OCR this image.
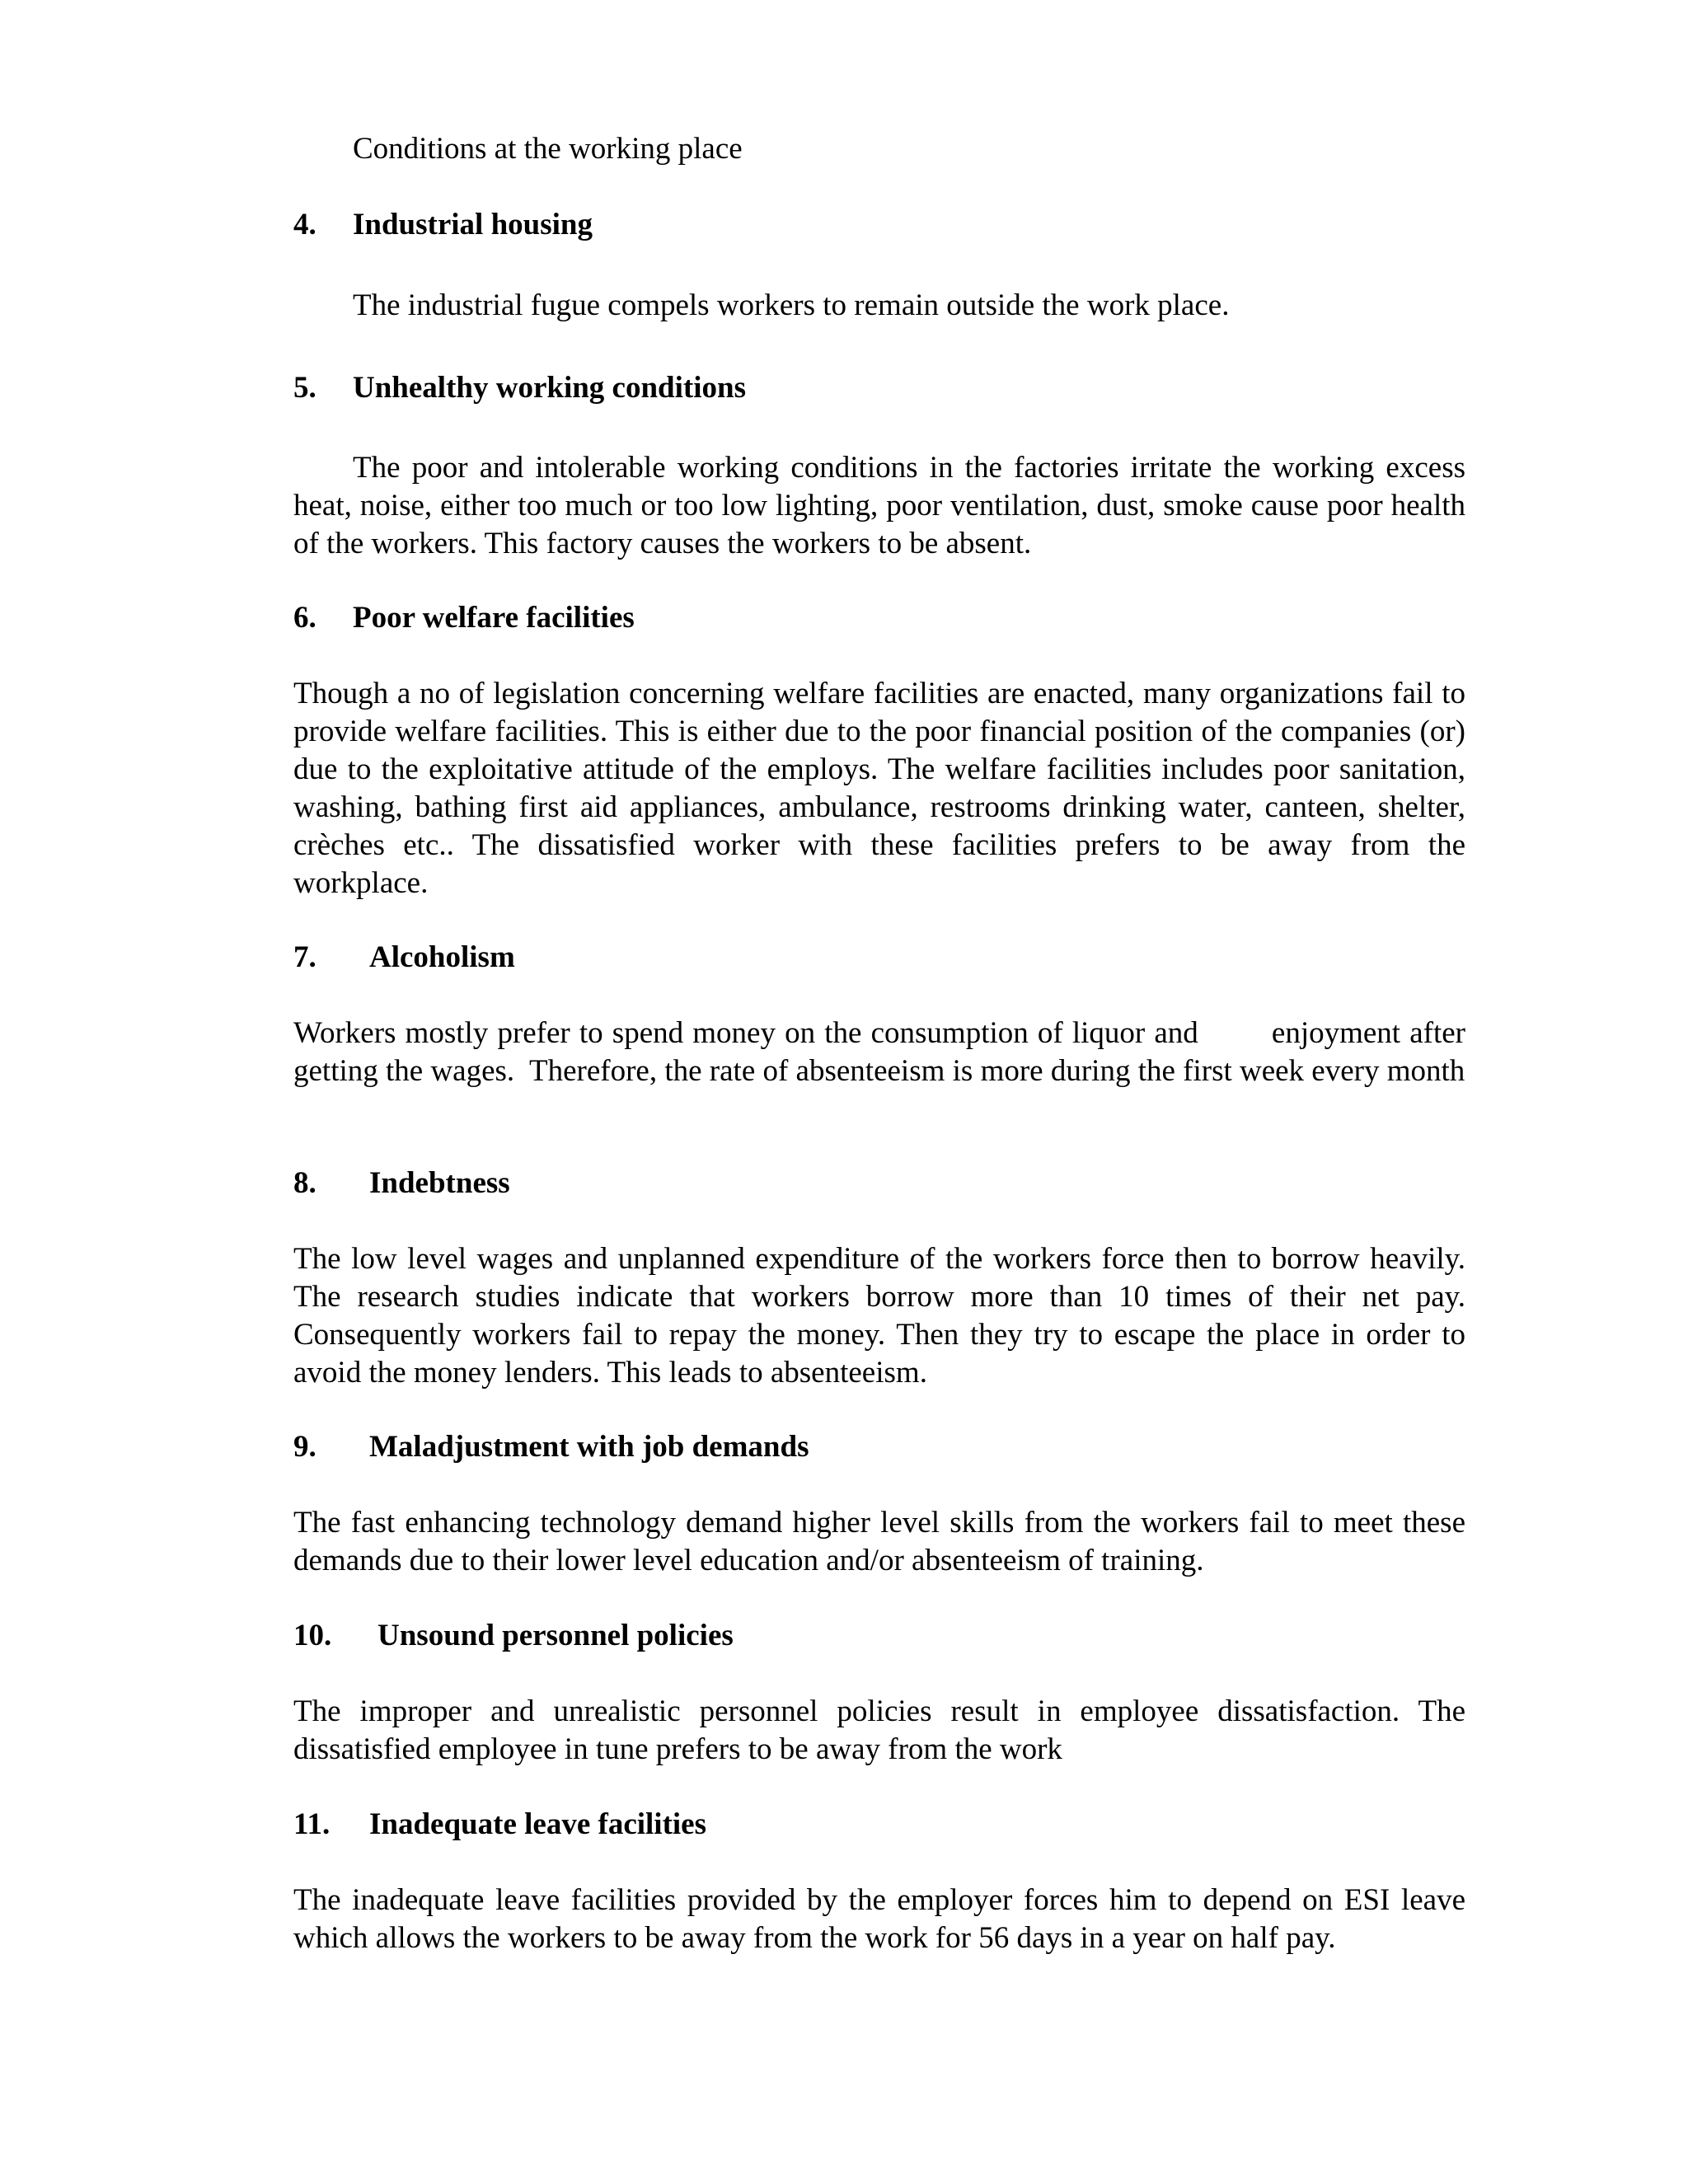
Conditions at the working place
4. Industrial housing
The industrial fugue compels workers to remain outside the work place.
5. Unhealthy working conditions
The poor and intolerable working conditions in the factories irritate the working excess heat, noise, either too much or too low lighting, poor ventilation, dust, smoke cause poor health of the workers. This factory causes the workers to be absent.
6. Poor welfare facilities
Though a no of legislation concerning welfare facilities are enacted, many organizations fail to provide welfare facilities. This is either due to the poor financial position of the companies (or) due to the exploitative attitude of the employs. The welfare facilities includes poor sanitation, washing, bathing first aid appliances, ambulance, restrooms drinking water, canteen, shelter, crèches etc.. The dissatisfied worker with these facilities prefers to be away from the workplace.
7. Alcoholism
Workers mostly prefer to spend money on the consumption of liquor and        enjoyment after getting the wages.  Therefore, the rate of absenteeism is more during the first week every month
8. Indebtness
The low level wages and unplanned expenditure of the workers force then to borrow heavily. The research studies indicate that workers borrow more than 10 times of their net pay. Consequently workers fail to repay the money. Then they try to escape the place in order to avoid the money lenders. This leads to absenteeism.
9. Maladjustment with job demands
The fast enhancing technology demand higher level skills from the workers fail to meet these demands due to their lower level education and/or absenteeism of training.
10. Unsound personnel policies
The improper and unrealistic personnel policies result in employee dissatisfaction. The dissatisfied employee in tune prefers to be away from the work
11. Inadequate leave facilities
The inadequate leave facilities provided by the employer forces him to depend on ESI leave which allows the workers to be away from the work for 56 days in a year on half pay.
